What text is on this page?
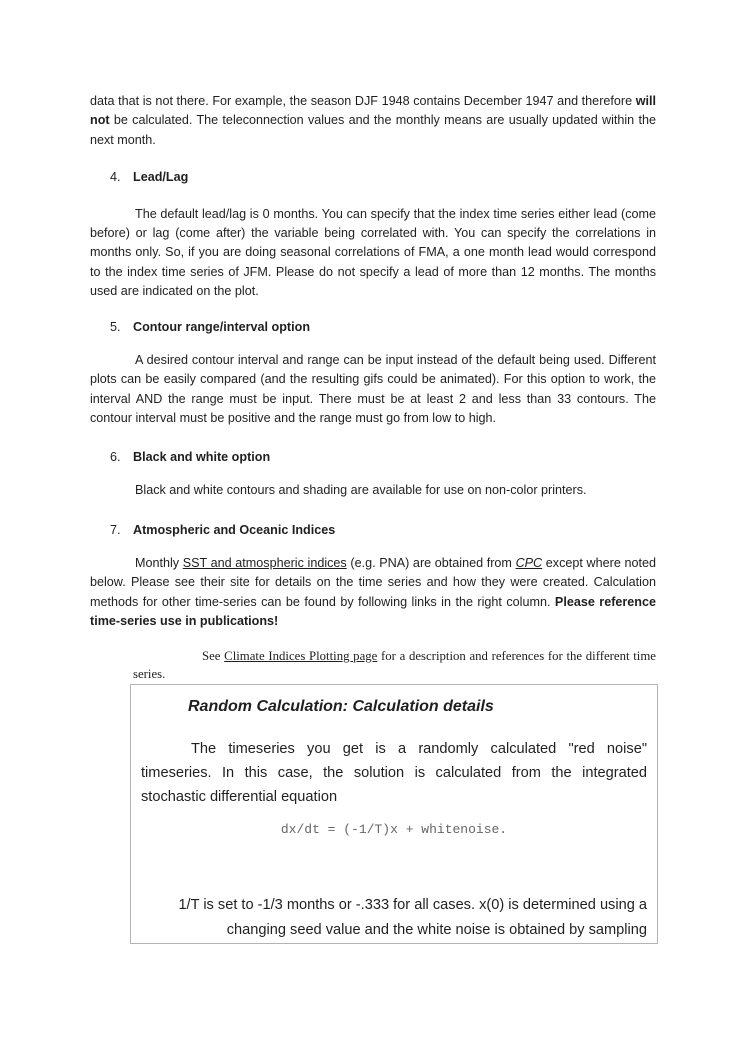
data that is not there. For example, the season DJF 1948 contains December 1947 and therefore will not be calculated. The teleconnection values and the monthly means are usually updated within the next month.

4. Lead/Lag

The default lead/lag is 0 months. You can specify that the index time series either lead (come before) or lag (come after) the variable being correlated with. You can specify the correlations in months only. So, if you are doing seasonal correlations of FMA, a one month lead would correspond to the index time series of JFM. Please do not specify a lead of more than 12 months. The months used are indicated on the plot.

5. Contour range/interval option

A desired contour interval and range can be input instead of the default being used. Different plots can be easily compared (and the resulting gifs could be animated). For this option to work, the interval AND the range must be input. There must be at least 2 and less than 33 contours. The contour interval must be positive and the range must go from low to high.

6. Black and white option

Black and white contours and shading are available for use on non-color printers.

7. Atmospheric and Oceanic Indices

Monthly SST and atmospheric indices (e.g. PNA) are obtained from CPC except where noted below. Please see their site for details on the time series and how they were created. Calculation methods for other time-series can be found by following links in the right column. Please reference time-series use in publications!

See Climate Indices Plotting page for a description and references for the different time series.

Random Calculation: Calculation details

The timeseries you get is a randomly calculated "red noise" timeseries. In this case, the solution is calculated from the integrated stochastic differential equation

dx/dt = (-1/T)x + whitenoise.

1/T is set to -1/3 months or -.333 for all cases. x(0) is determined using a changing seed value and the white noise is obtained by sampling
